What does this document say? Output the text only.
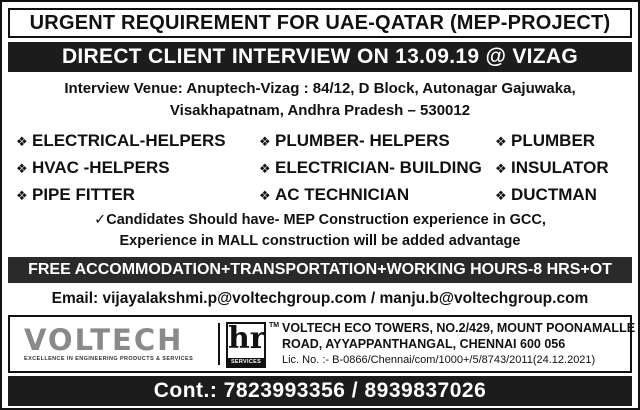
URGENT REQUIREMENT FOR UAE-QATAR (MEP-PROJECT)
DIRECT CLIENT INTERVIEW ON 13.09.19 @ VIZAG
Interview Venue: Anuptech-Vizag : 84/12, D Block, Autonagar Gajuwaka,
Visakhapatnam, Andhra Pradesh – 530012
❖ ELECTRICAL-HELPERS	❖ PLUMBER- HELPERS	❖ PLUMBER
❖ HVAC -HELPERS	❖ ELECTRICIAN- BUILDING	❖ INSULATOR
❖ PIPE FITTER	❖ AC TECHNICIAN	❖ DUCTMAN
✓Candidates Should have- MEP Construction experience in GCC,
Experience in MALL construction will be added advantage
FREE ACCOMMODATION+TRANSPORTATION+WORKING HOURS-8 HRS+OT
Email: vijayalakshmi.p@voltechgroup.com / manju.b@voltechgroup.com
VOLTECH
EXCELLENCE IN ENGINEERING PRODUCTS & SERVICES
hr
SERVICES
TM VOLTECH ECO TOWERS, NO.2/429, MOUNT POONAMALLE
ROAD, AYYAPPANTHANGAL, CHENNAI 600 056
Lic. No. :- B-0866/Chennai/com/1000+/5/8743/2011(24.12.2021)
Cont.: 7823993356 / 8939837026
